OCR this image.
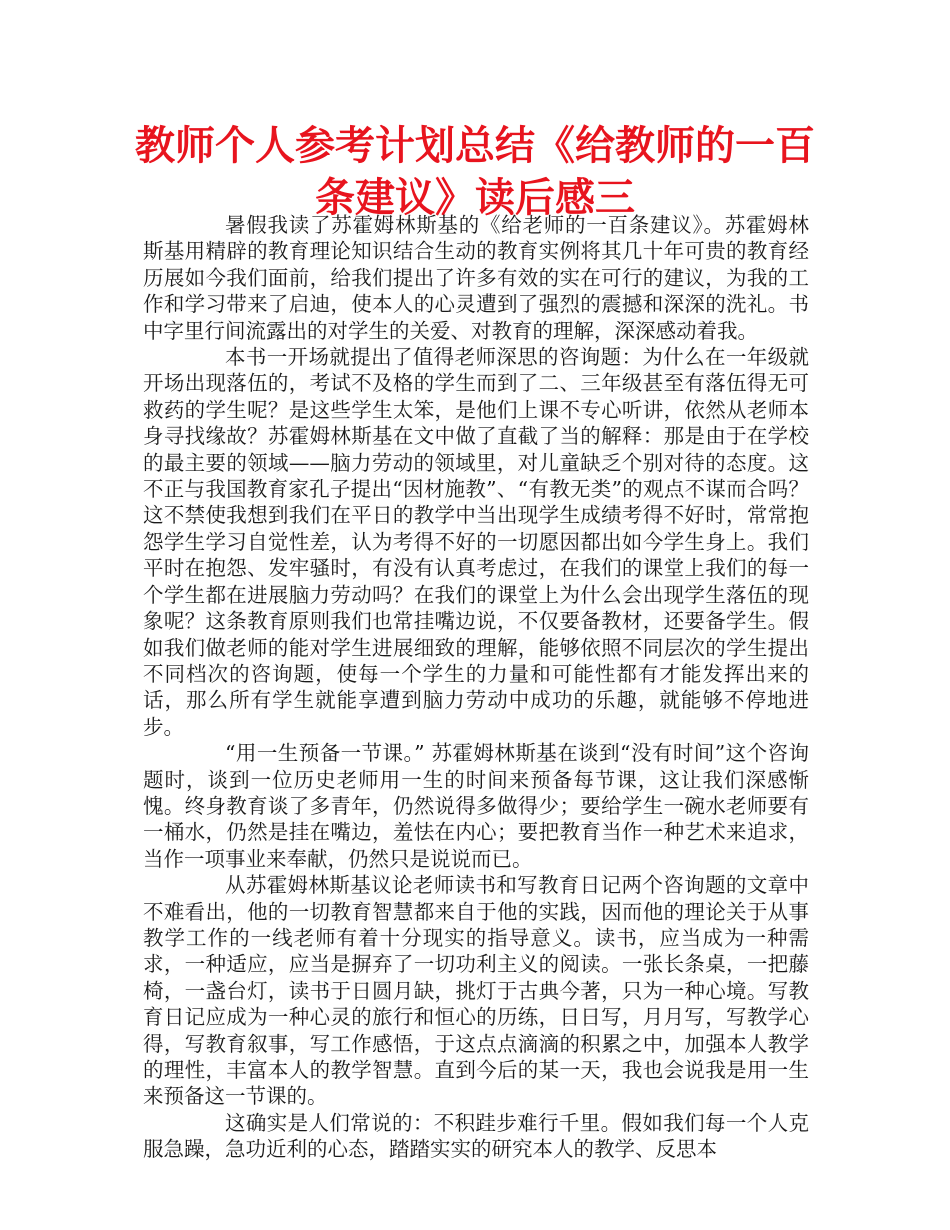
教师个人参考计划总结《给教师的一百条建议》读后感三

暑假我读了苏霍姆林斯基的《给老师的一百条建议》。苏霍姆林斯基用精辟的教育理论知识结合生动的教育实例将其几十年可贵的教育经历展如今我们面前，给我们提出了许多有效的实在可行的建议，为我的工作和学习带来了启迪，使本人的心灵遭到了强烈的震撼和深深的洗礼。书中字里行间流露出的对学生的关爱、对教育的理解，深深感动着我。

本书一开场就提出了值得老师深思的咨询题：为什么在一年级就开场出现落伍的，考试不及格的学生而到了二、三年级甚至有落伍得无可救药的学生呢？是这些学生太笨，是他们上课不专心听讲，依然从老师本身寻找缘故？苏霍姆林斯基在文中做了直截了当的解释：那是由于在学校的最主要的领域——脑力劳动的领域里，对儿童缺乏个别对待的态度。这不正与我国教育家孔子提出“因材施教”、“有教无类”的观点不谋而合吗？这不禁使我想到我们在平日的教学中当出现学生成绩考得不好时，常常抱怨学生学习自觉性差，认为考得不好的一切愿因都出如今学生身上。我们平时在抱怨、发牢骚时，有没有认真考虑过，在我们的课堂上我们的每一个学生都在进展脑力劳动吗？在我们的课堂上为什么会出现学生落伍的现象呢？这条教育原则我们也常挂嘴边说，不仅要备教材，还要备学生。假如我们做老师的能对学生进展细致的理解，能够依照不同层次的学生提出不同档次的咨询题，使每一个学生的力量和可能性都有才能发挥出来的话，那么所有学生就能享遭到脑力劳动中成功的乐趣，就能够不停地进步。

“用一生预备一节课。” 苏霍姆林斯基在谈到“没有时间”这个咨询题时，谈到一位历史老师用一生的时间来预备每节课，这让我们深感惭愧。终身教育谈了多青年，仍然说得多做得少；要给学生一碗水老师要有一桶水，仍然是挂在嘴边，羞怯在内心；要把教育当作一种艺术来追求，当作一项事业来奉献，仍然只是说说而已。

从苏霍姆林斯基议论老师读书和写教育日记两个咨询题的文章中不难看出，他的一切教育智慧都来自于他的实践，因而他的理论关于从事教学工作的一线老师有着十分现实的指导意义。读书，应当成为一种需求，一种适应，应当是摒弃了一切功利主义的阅读。一张长条桌，一把藤椅，一盏台灯，读书于日圆月缺，挑灯于古典今著，只为一种心境。写教育日记应成为一种心灵的旅行和恒心的历练，日日写，月月写，写教学心得，写教育叙事，写工作感悟，于这点点滴滴的积累之中，加强本人教学的理性，丰富本人的教学智慧。直到今后的某一天，我也会说我是用一生来预备这一节课的。

这确实是人们常说的：不积跬步难行千里。假如我们每一个人克服急躁，急功近利的心态，踏踏实实的研究本人的教学、反思本
